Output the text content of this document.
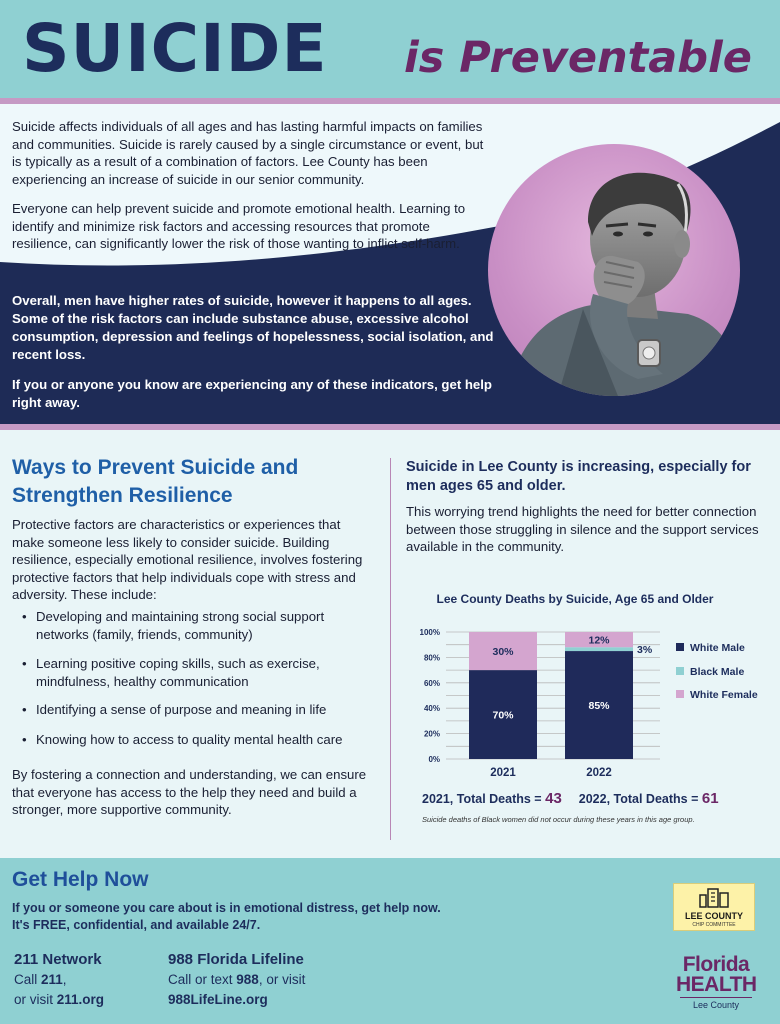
SUICIDE is Preventable
Suicide affects individuals of all ages and has lasting harmful impacts on families and communities. Suicide is rarely caused by a single circumstance or event, but is typically as a result of a combination of factors. Lee County has been experiencing an increase of suicide in our senior community.
Everyone can help prevent suicide and promote emotional health. Learning to identify and minimize risk factors and accessing resources that promote resilience, can significantly lower the risk of those wanting to inflict self-harm.
Overall, men have higher rates of suicide, however it happens to all ages. Some of the risk factors can include substance abuse, excessive alcohol consumption, depression and feelings of hopelessness, social isolation, and recent loss.
If you or anyone you know are experiencing any of these indicators, get help right away.
Ways to Prevent Suicide and Strengthen Resilience
Protective factors are characteristics or experiences that make someone less likely to consider suicide. Building resilience, especially emotional resilience, involves fostering protective factors that help individuals cope with stress and adversity. These include:
• Developing and maintaining strong social support networks (family, friends, community)
• Learning positive coping skills, such as exercise, mindfulness, healthy communication
• Identifying a sense of purpose and meaning in life
• Knowing how to access to quality mental health care
By fostering a connection and understanding, we can ensure that everyone has access to the help they need and build a stronger, more supportive community.
Suicide in Lee County is increasing, especially for men ages 65 and older.
This worrying trend highlights the need for better connection between those struggling in silence and the support services available in the community.
Lee County Deaths by Suicide, Age 65 and Older
0%
20%
40%
60%
80%
100%
70%
30%
2021
85%
3%
12%
2022
White Male
Black Male
White Female
2021, Total Deaths = 43 2022, Total Deaths = 61
Suicide deaths of Black women did not occur during these years in this age group.
Get Help Now
If you or someone you care about is in emotional distress, get help now.
It's FREE, confidential, and available 24/7.
211 Network
Call 211,
or visit 211.org
988 Florida Lifeline
Call or text 988, or visit
988LifeLine.org
LEE COUNTY
CHIP COMMITTEE
Florida
HEALTH
Lee County
